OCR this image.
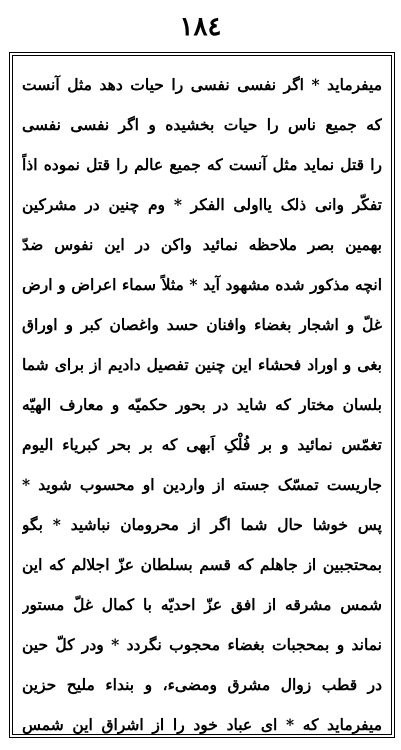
۱۸٤
میفرماید * اگر نفسی نفسی را حیات دهد مثل آنست
که جمیع ناس را حیات بخشیده و اگر نفسی نفسی
را قتل نماید مثل آنست که جمیع عالم را قتل نموده اذاً
تفکّر وانی ذلک یااولی الفکر * وم چنین در مشرکین
بهمین بصر ملاحظه نمائید واکن در این نفوس ضدّ
انچه مذکور شده مشهود آید * مثلاً سماء اعراض و ارض
غلّ و اشجار بغضاء وافنان حسد واغصان کبر و اوراق
بغی و اوراد فحشاء این چنین تفصیل دادیم از برای شما
بلسان مختار که شاید در بحور حکمیّه و معارف الهیّه
تغمّس نمائید و بر فُلْکِ اَبهی که بر بحر کبریاء الیوم
جاریست تمسّک جسته از واردین او محسوب شوید *
پس خوشا حال شما اگر از محرومان نباشید * بگو
بمحتجبین از جاهلم که قسم بسلطان عزّ اجلالم که این
شمس مشرقه از افق عزّ احدیّه با کمال غلّ مستور
نماند و بمحجبات بغضاء محجوب نگردد * ودر کلّ حین
در قطب زوال مشرق ومضیء، و بنداء ملیح حزین
میفرماید که * ای عباد خود را از اشراق این شمس
